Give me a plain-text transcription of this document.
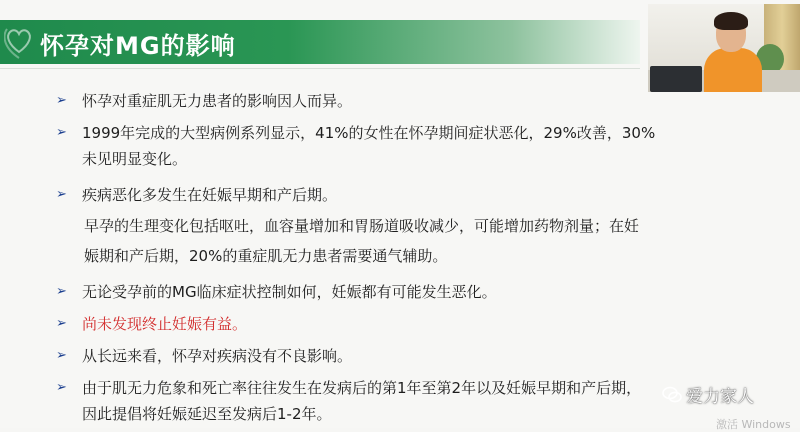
怀孕对MG的影响
➢ 怀孕对重症肌无力患者的影响因人而异。
➢ 1999年完成的大型病例系列显示，41%的女性在怀孕期间症状恶化，29%改善，30%
未见明显变化。
➢ 疾病恶化多发生在妊娠早期和产后期。
早孕的生理变化包括呕吐，血容量增加和胃肠道吸收减少，可能增加药物剂量；在妊
娠期和产后期，20%的重症肌无力患者需要通气辅助。
➢ 无论受孕前的MG临床症状控制如何，妊娠都有可能发生恶化。
➢ 尚未发现终止妊娠有益。
➢ 从长远来看，怀孕对疾病没有不良影响。
➢ 由于肌无力危象和死亡率往往发生在发病后的第1年至第2年以及妊娠早期和产后期，
因此提倡将妊娠延迟至发病后1-2年。
爱力家人
激活 Windows
